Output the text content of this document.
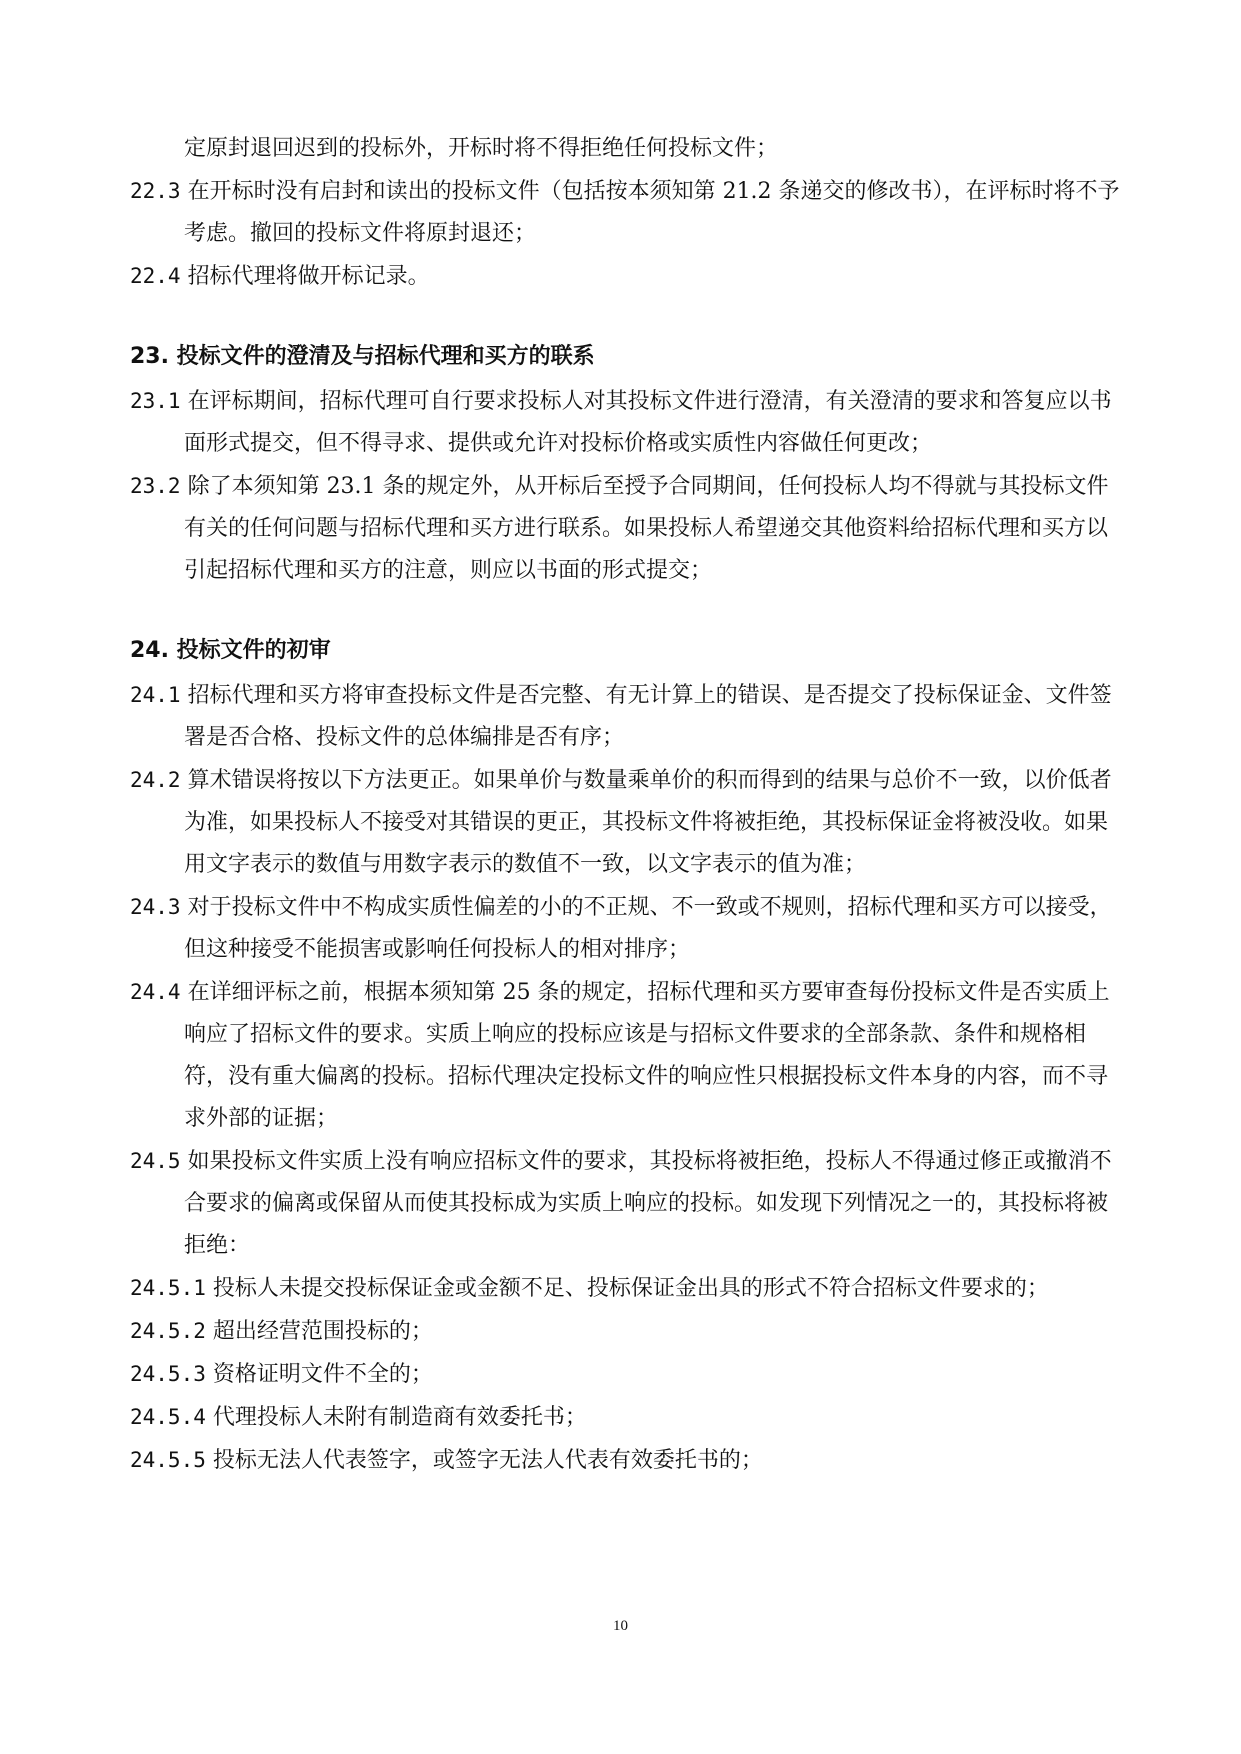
定原封退回迟到的投标外，开标时将不得拒绝任何投标文件；

22.3 在开标时没有启封和读出的投标文件（包括按本须知第 21.2 条递交的修改书），在评标时将不予考虑。撤回的投标文件将原封退还；

22.4 招标代理将做开标记录。

23. 投标文件的澄清及与招标代理和买方的联系

23.1 在评标期间，招标代理可自行要求投标人对其投标文件进行澄清，有关澄清的要求和答复应以书面形式提交，但不得寻求、提供或允许对投标价格或实质性内容做任何更改；

23.2 除了本须知第 23.1 条的规定外，从开标后至授予合同期间，任何投标人均不得就与其投标文件有关的任何问题与招标代理和买方进行联系。如果投标人希望递交其他资料给招标代理和买方以引起招标代理和买方的注意，则应以书面的形式提交；

24. 投标文件的初审

24.1 招标代理和买方将审查投标文件是否完整、有无计算上的错误、是否提交了投标保证金、文件签署是否合格、投标文件的总体编排是否有序；

24.2 算术错误将按以下方法更正。如果单价与数量乘单价的积而得到的结果与总价不一致，以价低者为准，如果投标人不接受对其错误的更正，其投标文件将被拒绝，其投标保证金将被没收。如果用文字表示的数值与用数字表示的数值不一致，以文字表示的值为准；

24.3 对于投标文件中不构成实质性偏差的小的不正规、不一致或不规则，招标代理和买方可以接受，但这种接受不能损害或影响任何投标人的相对排序；

24.4 在详细评标之前，根据本须知第 25 条的规定，招标代理和买方要审查每份投标文件是否实质上响应了招标文件的要求。实质上响应的投标应该是与招标文件要求的全部条款、条件和规格相符，没有重大偏离的投标。招标代理决定投标文件的响应性只根据投标文件本身的内容，而不寻求外部的证据；

24.5 如果投标文件实质上没有响应招标文件的要求，其投标将被拒绝，投标人不得通过修正或撤消不合要求的偏离或保留从而使其投标成为实质上响应的投标。如发现下列情况之一的，其投标将被拒绝：

24.5.1 投标人未提交投标保证金或金额不足、投标保证金出具的形式不符合招标文件要求的；

24.5.2 超出经营范围投标的；

24.5.3 资格证明文件不全的；

24.5.4 代理投标人未附有制造商有效委托书；

24.5.5 投标无法人代表签字，或签字无法人代表有效委托书的；

10
